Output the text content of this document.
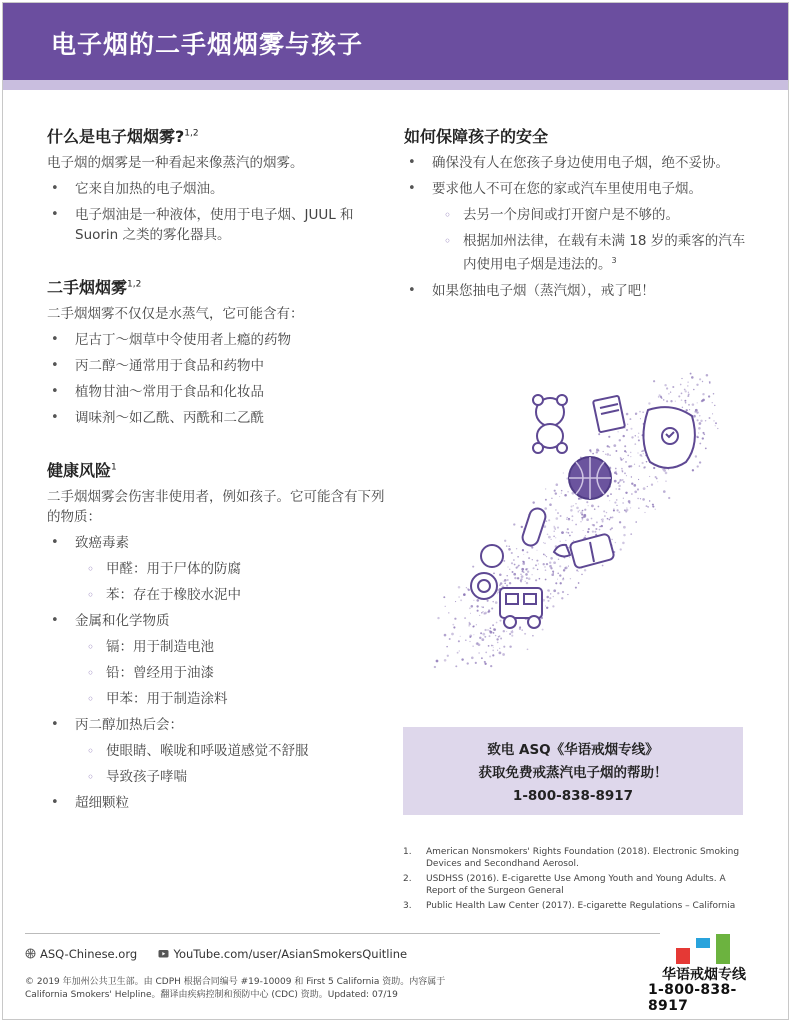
电子烟的二手烟烟雾与孩子
什么是电子烟烟雾?$^{1,2}$
电子烟的烟雾是一种看起来像蒸汽的烟雾。
• 它来自加热的电子烟油。
• 电子烟油是一种液体，使用于电子烟、JUUL 和 Suorin 之类的雾化器具。
二手烟烟雾$^{1,2}$
二手烟烟雾不仅仅是水蒸气，它可能含有：
• 尼古丁～烟草中令使用者上瘾的药物
• 丙二醇～通常用于食品和药物中
• 植物甘油～常用于食品和化妆品
• 调味剂～如乙酰、丙酰和二乙酰
健康风险$^1$
二手烟烟雾会伤害非使用者，例如孩子。它可能含有下列的物质：
• 致癌毒素
◦ 甲醛：用于尸体的防腐
◦ 苯：存在于橡胶水泥中
• 金属和化学物质
◦ 镉：用于制造电池
◦ 铅：曾经用于油漆
◦ 甲苯：用于制造涂料
• 丙二醇加热后会：
◦ 使眼睛、喉咙和呼吸道感觉不舒服
◦ 导致孩子哮喘
• 超细颗粒
如何保障孩子的安全
• 确保没有人在您孩子身边使用电子烟，绝不妥协。
• 要求他人不可在您的家或汽车里使用电子烟。
◦ 去另一个房间或打开窗户是不够的。
◦ 根据加州法律，在载有未满 18 岁的乘客的汽车内使用电子烟是违法的。$^3$
• 如果您抽电子烟（蒸汽烟），戒了吧！
致电 ASQ《华语戒烟专线》
获取免费戒蒸汽电子烟的帮助！
1-800-838-8917
1. American Nonsmokers' Rights Foundation (2018). Electronic Smoking Devices and Secondhand Aerosol.
2. USDHSS (2016). E-cigarette Use Among Youth and Young Adults. A Report of the Surgeon General
3. Public Health Law Center (2017). E-cigarette Regulations – California
ASQ-Chinese.org	YouTube.com/user/AsianSmokersQuitline
© 2019 年加州公共卫生部。由 CDPH 根据合同编号 #19-10009 和 First 5 California 资助。内容属于 California Smokers' Helpline。翻译由疾病控制和预防中心 (CDC) 资助。Updated: 07/19
华语戒烟专线
1-800-838-8917
